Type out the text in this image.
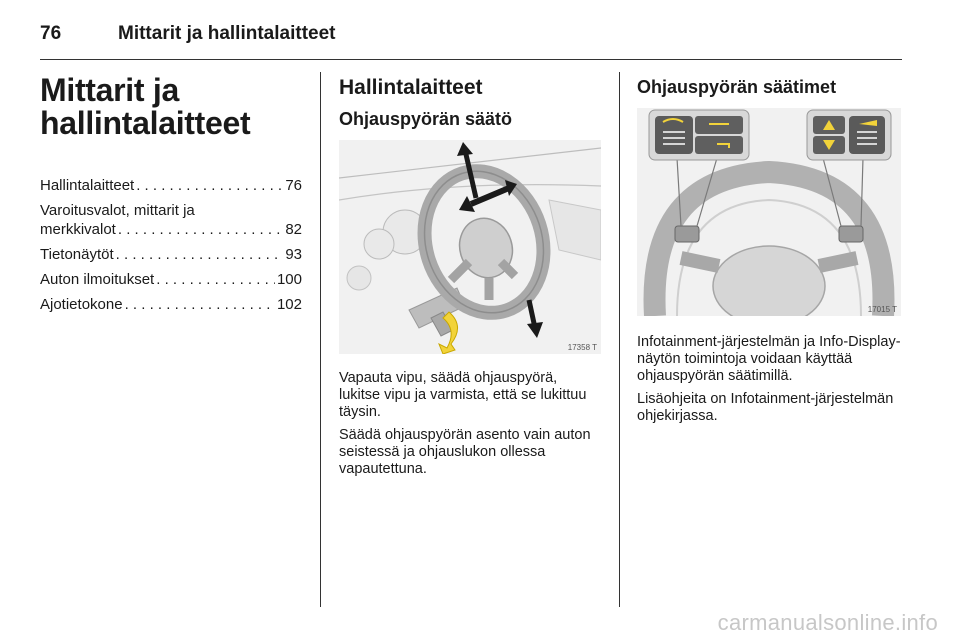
76	Mittarit ja hallintalaitteet
Mittarit ja
hallintalaitteet
Hallintalaitteet . . .	76
Varoitusvalot, mittarit ja
merkkivalot . . .	82
Tietonäytöt . . .	93
Auton ilmoitukset . . .	100
Ajotietokone . . .	102
Hallintalaitteet
Ohjauspyörän säätö
17358 T

Vapauta vipu, säädä ohjauspyörä, lukitse vipu ja varmista, että se lukittuu täysin.

Säädä ohjauspyörän asento vain auton seistessä ja ohjauslukon ollessa vapautettuna.

Ohjauspyörän säätimet
17015 T

Infotainment-järjestelmän ja Info-Display-näytön toimintoja voidaan käyttää ohjauspyörän säätimillä.

Lisäohjeita on Infotainment-järjestelmän ohjekirjassa.

carmanualsonline.info
